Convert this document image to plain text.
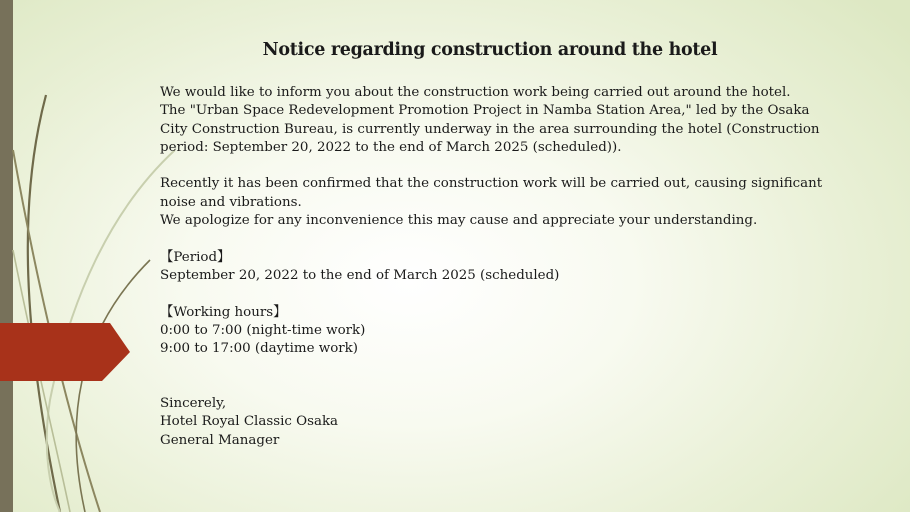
Notice regarding construction around the hotel
We would like to inform you about the construction work being carried out around the hotel.
The "Urban Space Redevelopment Promotion Project in Namba Station Area," led by the Osaka
City Construction Bureau, is currently underway in the area surrounding the hotel (Construction
period: September 20, 2022 to the end of March 2025 (scheduled)).
Recently it has been confirmed that the construction work will be carried out, causing significant
noise and vibrations.
We apologize for any inconvenience this may cause and appreciate your understanding.
【Period】
September 20, 2022 to the end of March 2025 (scheduled)
【Working hours】
0:00 to 7:00 (night-time work)
9:00 to 17:00 (daytime work)
Sincerely,
Hotel Royal Classic Osaka
General Manager
